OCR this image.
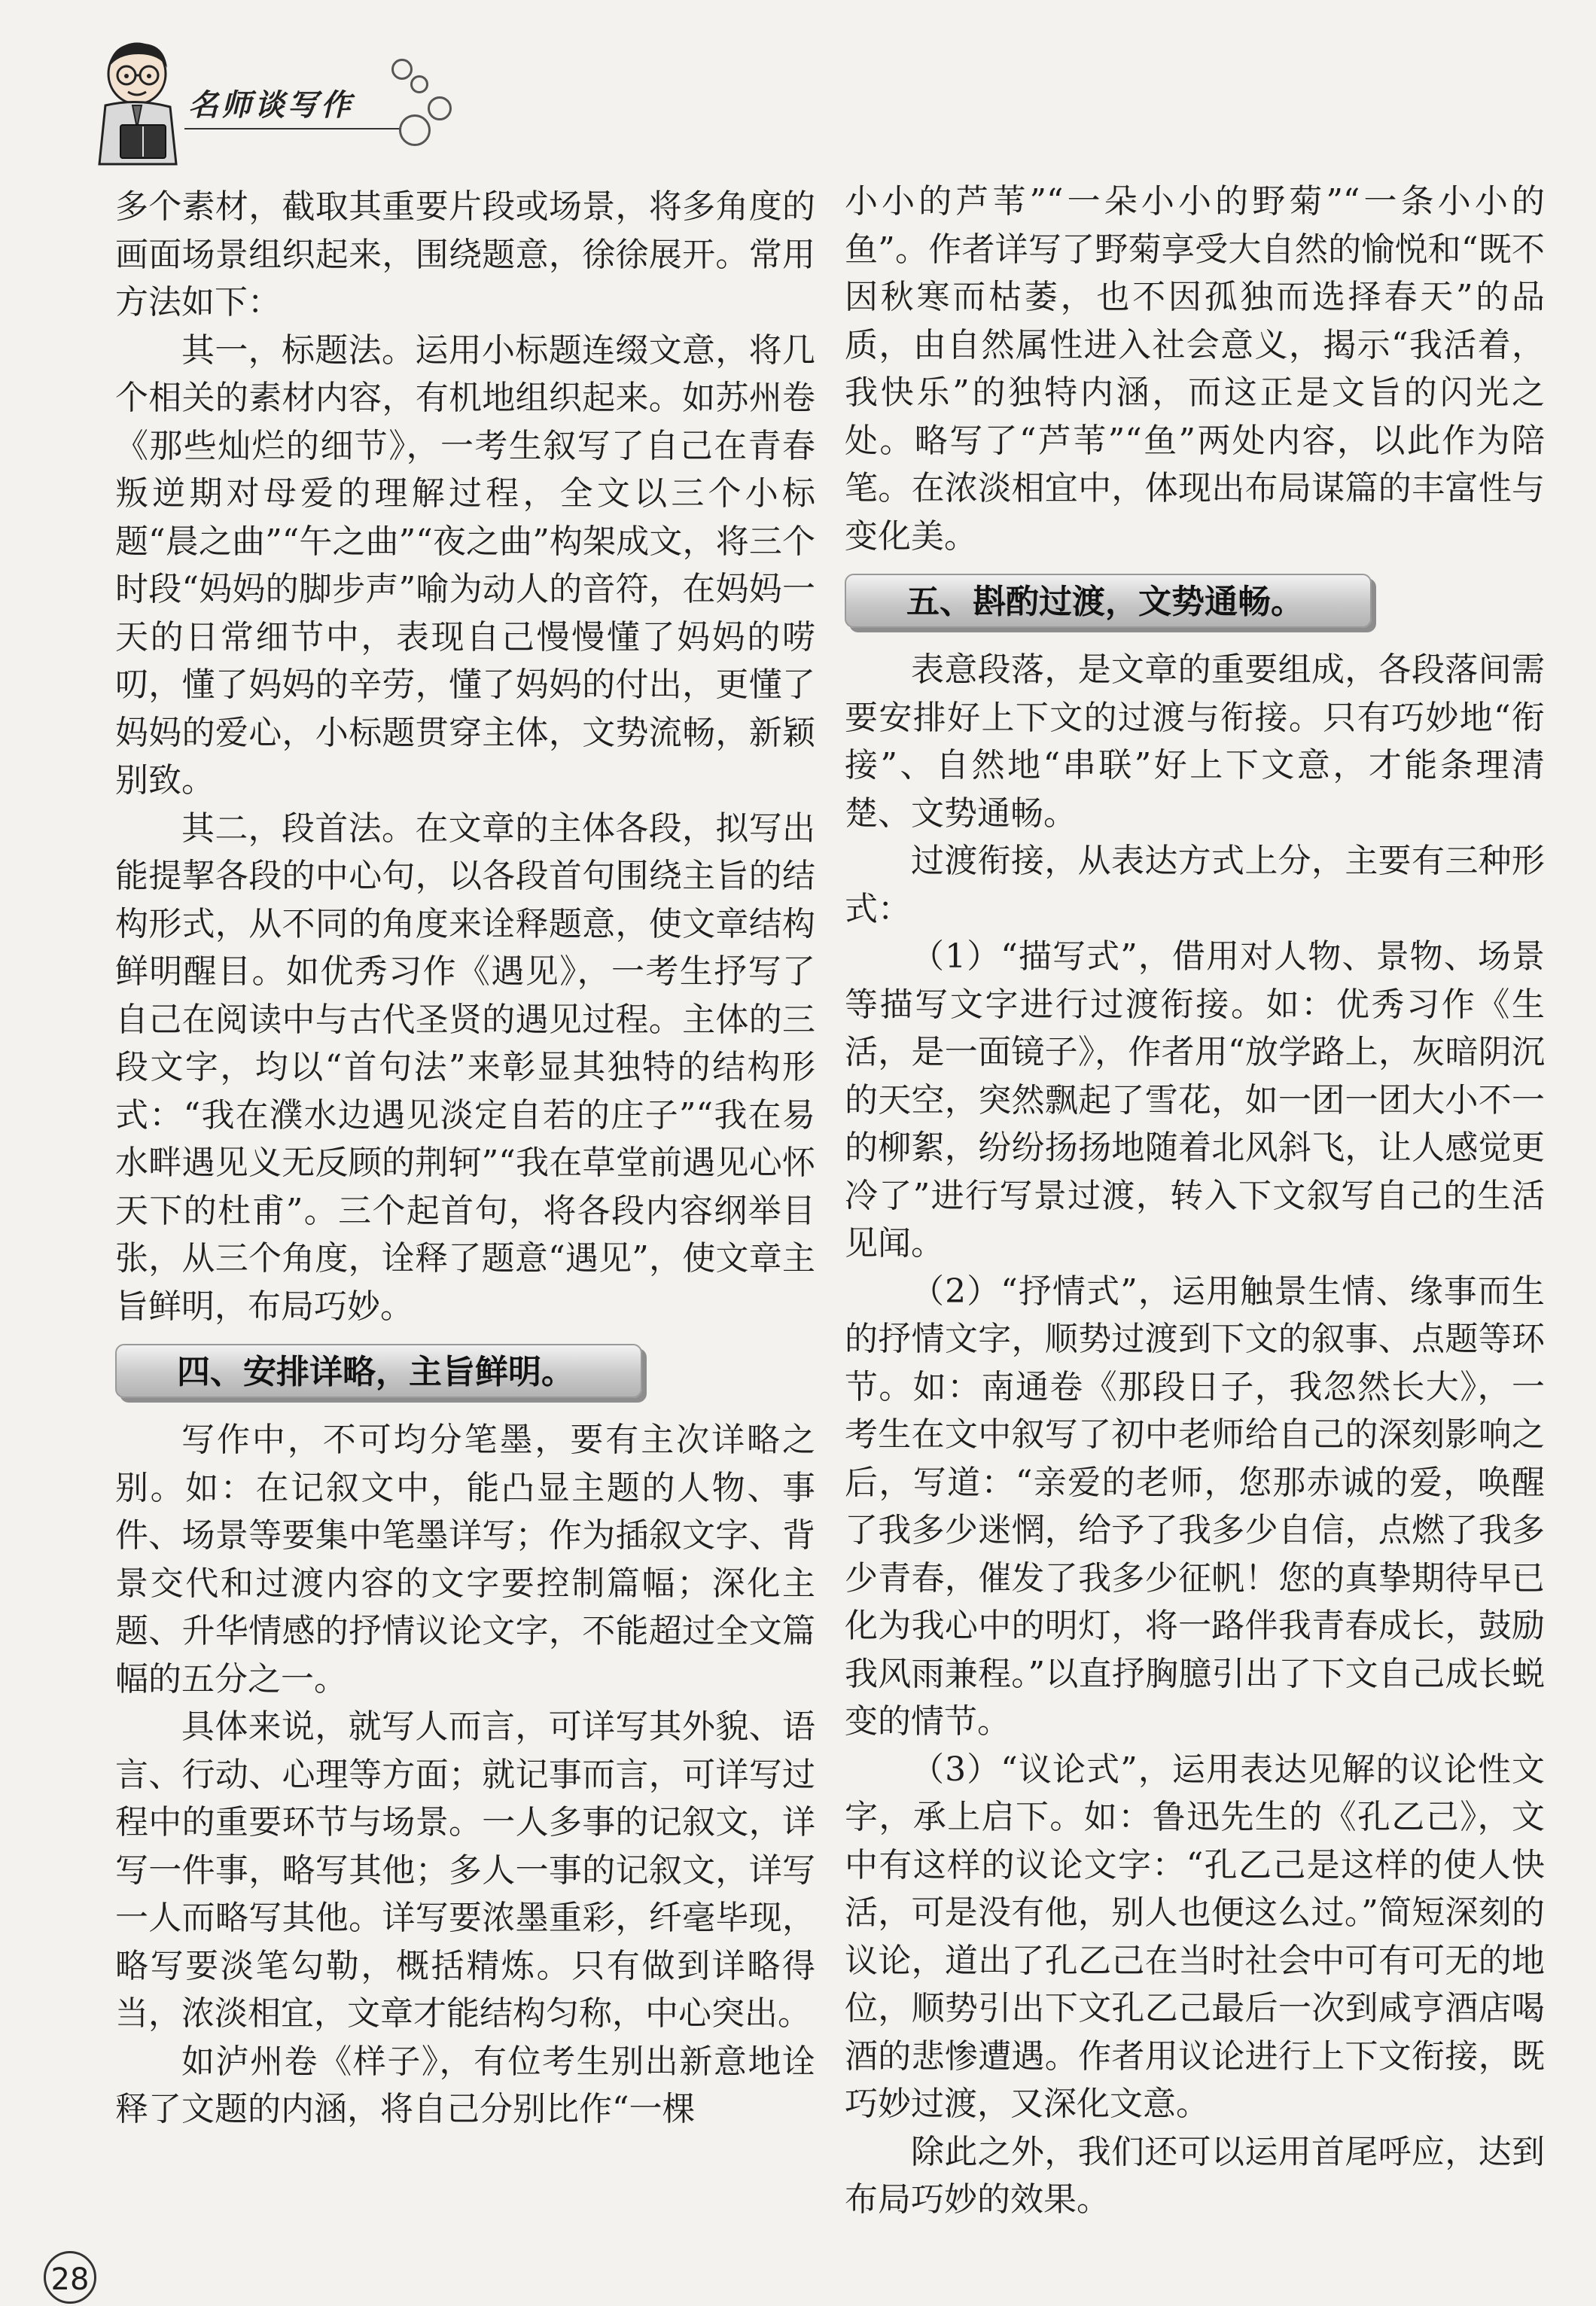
名师谈写作

多个素材，截取其重要片段或场景，将多角度的画面场景组织起来，围绕题意，徐徐展开。常用方法如下：

其一，标题法。运用小标题连缀文意，将几个相关的素材内容，有机地组织起来。如苏州卷《那些灿烂的细节》，一考生叙写了自己在青春叛逆期对母爱的理解过程，全文以三个小标题“晨之曲”“午之曲”“夜之曲”构架成文，将三个时段“妈妈的脚步声”喻为动人的音符，在妈妈一天的日常细节中，表现自己慢慢懂了妈妈的唠叨，懂了妈妈的辛劳，懂了妈妈的付出，更懂了妈妈的爱心，小标题贯穿主体，文势流畅，新颖别致。

其二，段首法。在文章的主体各段，拟写出能提挈各段的中心句，以各段首句围绕主旨的结构形式，从不同的角度来诠释题意，使文章结构鲜明醒目。如优秀习作《遇见》，一考生抒写了自己在阅读中与古代圣贤的遇见过程。主体的三段文字，均以“首句法”来彰显其独特的结构形式：“我在濮水边遇见淡定自若的庄子”“我在易水畔遇见义无反顾的荆轲”“我在草堂前遇见心怀天下的杜甫”。三个起首句，将各段内容纲举目张，从三个角度，诠释了题意“遇见”，使文章主旨鲜明，布局巧妙。

四、安排详略，主旨鲜明。

写作中，不可均分笔墨，要有主次详略之别。如：在记叙文中，能凸显主题的人物、事件、场景等要集中笔墨详写；作为插叙文字、背景交代和过渡内容的文字要控制篇幅；深化主题、升华情感的抒情议论文字，不能超过全文篇幅的五分之一。

具体来说，就写人而言，可详写其外貌、语言、行动、心理等方面；就记事而言，可详写过程中的重要环节与场景。一人多事的记叙文，详写一件事，略写其他；多人一事的记叙文，详写一人而略写其他。详写要浓墨重彩，纤毫毕现，略写要淡笔勾勒，概括精炼。只有做到详略得当，浓淡相宜，文章才能结构匀称，中心突出。

如泸州卷《样子》，有位考生别出新意地诠释了文题的内涵，将自己分别比作“一棵

小小的芦苇”“一朵小小的野菊”“一条小小的鱼”。作者详写了野菊享受大自然的愉悦和“既不因秋寒而枯萎，也不因孤独而选择春天”的品质，由自然属性进入社会意义，揭示“我活着，我快乐”的独特内涵，而这正是文旨的闪光之处。略写了“芦苇”“鱼”两处内容，以此作为陪笔。在浓淡相宜中，体现出布局谋篇的丰富性与变化美。

五、斟酌过渡，文势通畅。

表意段落，是文章的重要组成，各段落间需要安排好上下文的过渡与衔接。只有巧妙地“衔接”、自然地“串联”好上下文意，才能条理清楚、文势通畅。

过渡衔接，从表达方式上分，主要有三种形式：

（1）“描写式”，借用对人物、景物、场景等描写文字进行过渡衔接。如：优秀习作《生活，是一面镜子》，作者用“放学路上，灰暗阴沉的天空，突然飘起了雪花，如一团一团大小不一的柳絮，纷纷扬扬地随着北风斜飞，让人感觉更冷了”进行写景过渡，转入下文叙写自己的生活见闻。

（2）“抒情式”，运用触景生情、缘事而生的抒情文字，顺势过渡到下文的叙事、点题等环节。如：南通卷《那段日子，我忽然长大》，一考生在文中叙写了初中老师给自己的深刻影响之后，写道：“亲爱的老师，您那赤诚的爱，唤醒了我多少迷惘，给予了我多少自信，点燃了我多少青春，催发了我多少征帆！您的真挚期待早已化为我心中的明灯，将一路伴我青春成长，鼓励我风雨兼程。”以直抒胸臆引出了下文自己成长蜕变的情节。

（3）“议论式”，运用表达见解的议论性文字，承上启下。如：鲁迅先生的《孔乙己》，文中有这样的议论文字：“孔乙己是这样的使人快活，可是没有他，别人也便这么过。”简短深刻的议论，道出了孔乙己在当时社会中可有可无的地位，顺势引出下文孔乙己最后一次到咸亨酒店喝酒的悲惨遭遇。作者用议论进行上下文衔接，既巧妙过渡，又深化文意。

除此之外，我们还可以运用首尾呼应，达到布局巧妙的效果。

28
